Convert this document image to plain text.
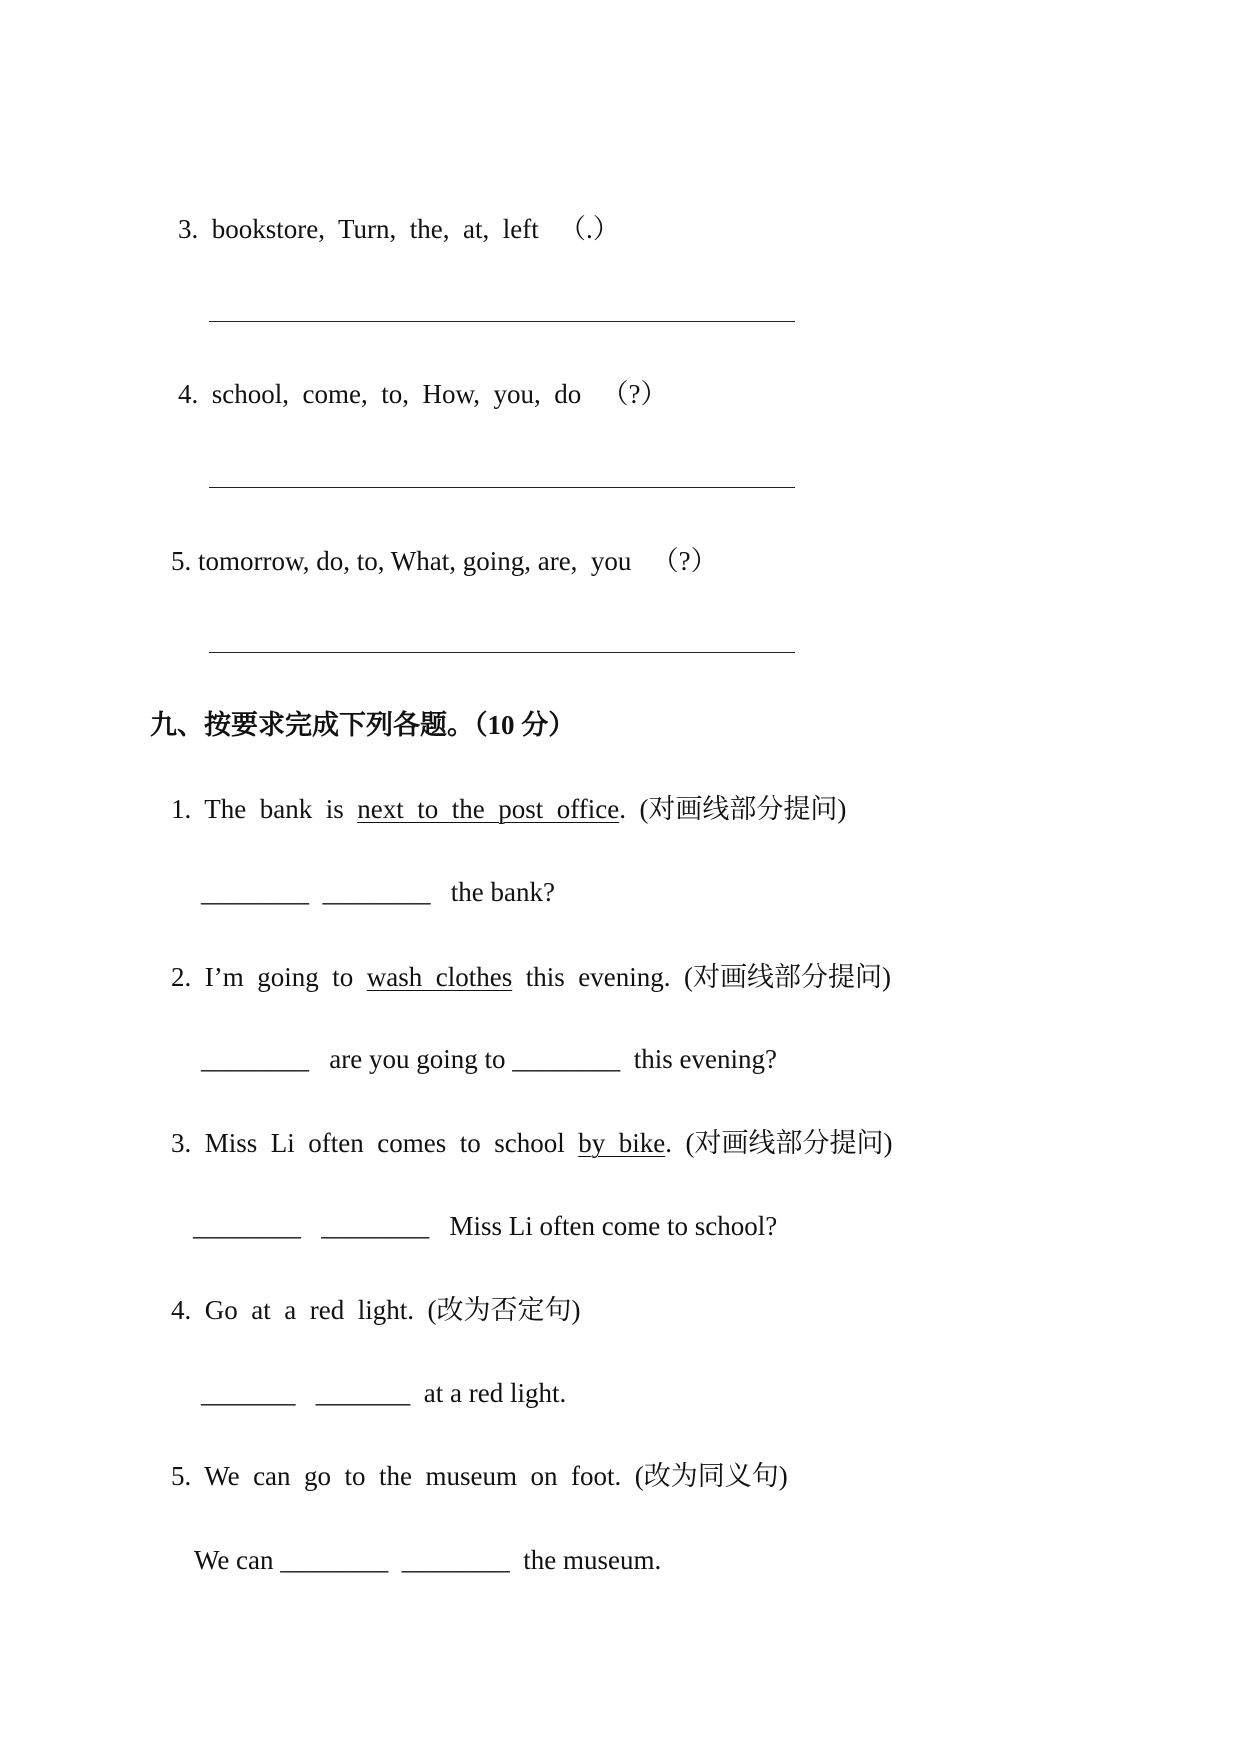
3.  bookstore,  Turn,  the,  at,  left   （.）
4.  school,  come,  to,  How,  you,  do   （?）
5. tomorrow, do, to, What, going, are,  you   （?）
九、按要求完成下列各题。（10 分）
1.  The  bank  is  next  to  the  post  office.  (对画线部分提问)
________  ________   the bank?
2.  I’m  going  to  wash  clothes  this  evening.  (对画线部分提问)
________   are you going to ________  this evening?
3.  Miss  Li  often  comes  to  school  by  bike.  (对画线部分提问)
________   ________   Miss Li often come to school?
4.  Go  at  a  red  light.  (改为否定句)
_______   _______  at a red light.
5.  We  can  go  to  the  museum  on  foot.  (改为同义句)
We can ________  ________  the museum.
